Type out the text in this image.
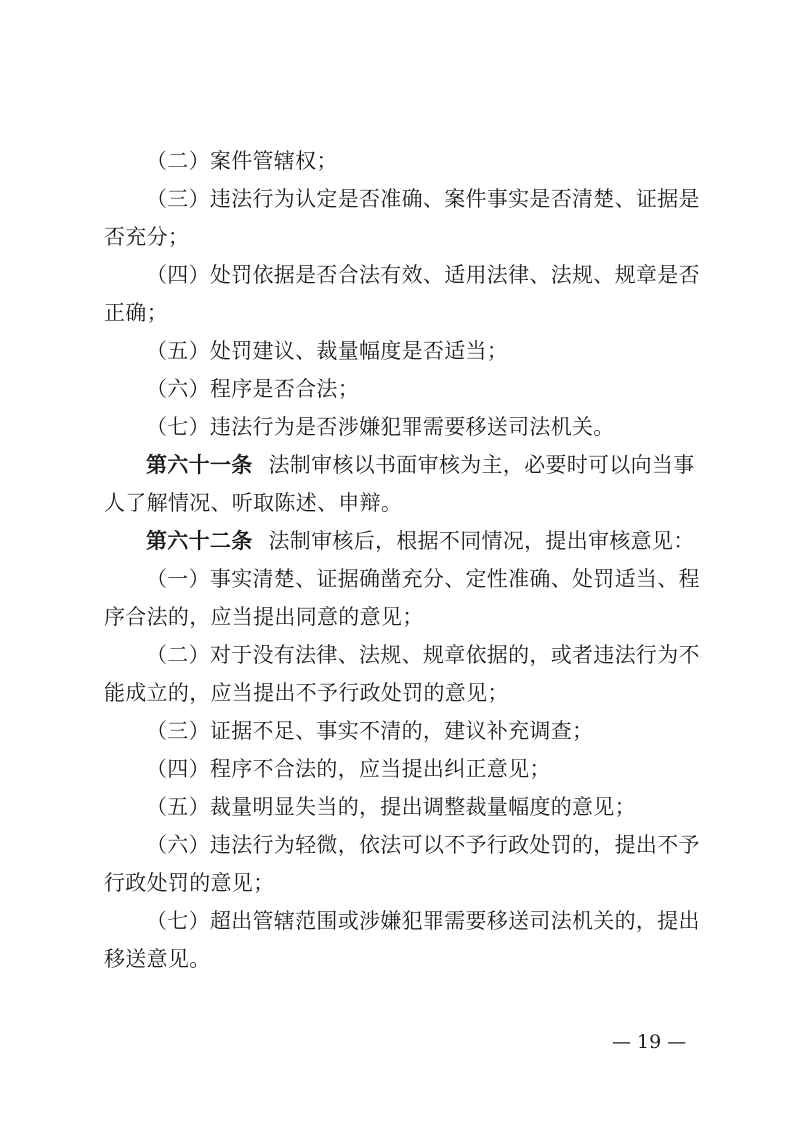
（二）案件管辖权；
（三）违法行为认定是否准确、案件事实是否清楚、证据是
否充分；
（四）处罚依据是否合法有效、适用法律、法规、规章是否
正确；
（五）处罚建议、裁量幅度是否适当；
（六）程序是否合法；
（七）违法行为是否涉嫌犯罪需要移送司法机关。
第六十一条 法制审核以书面审核为主，必要时可以向当事
人了解情况、听取陈述、申辩。
第六十二条 法制审核后，根据不同情况，提出审核意见：
（一）事实清楚、证据确凿充分、定性准确、处罚适当、程
序合法的，应当提出同意的意见；
（二）对于没有法律、法规、规章依据的，或者违法行为不
能成立的，应当提出不予行政处罚的意见；
（三）证据不足、事实不清的，建议补充调查；
（四）程序不合法的，应当提出纠正意见；
（五）裁量明显失当的，提出调整裁量幅度的意见；
（六）违法行为轻微，依法可以不予行政处罚的，提出不予
行政处罚的意见；
（七）超出管辖范围或涉嫌犯罪需要移送司法机关的，提出
移送意见。
— 19 —
